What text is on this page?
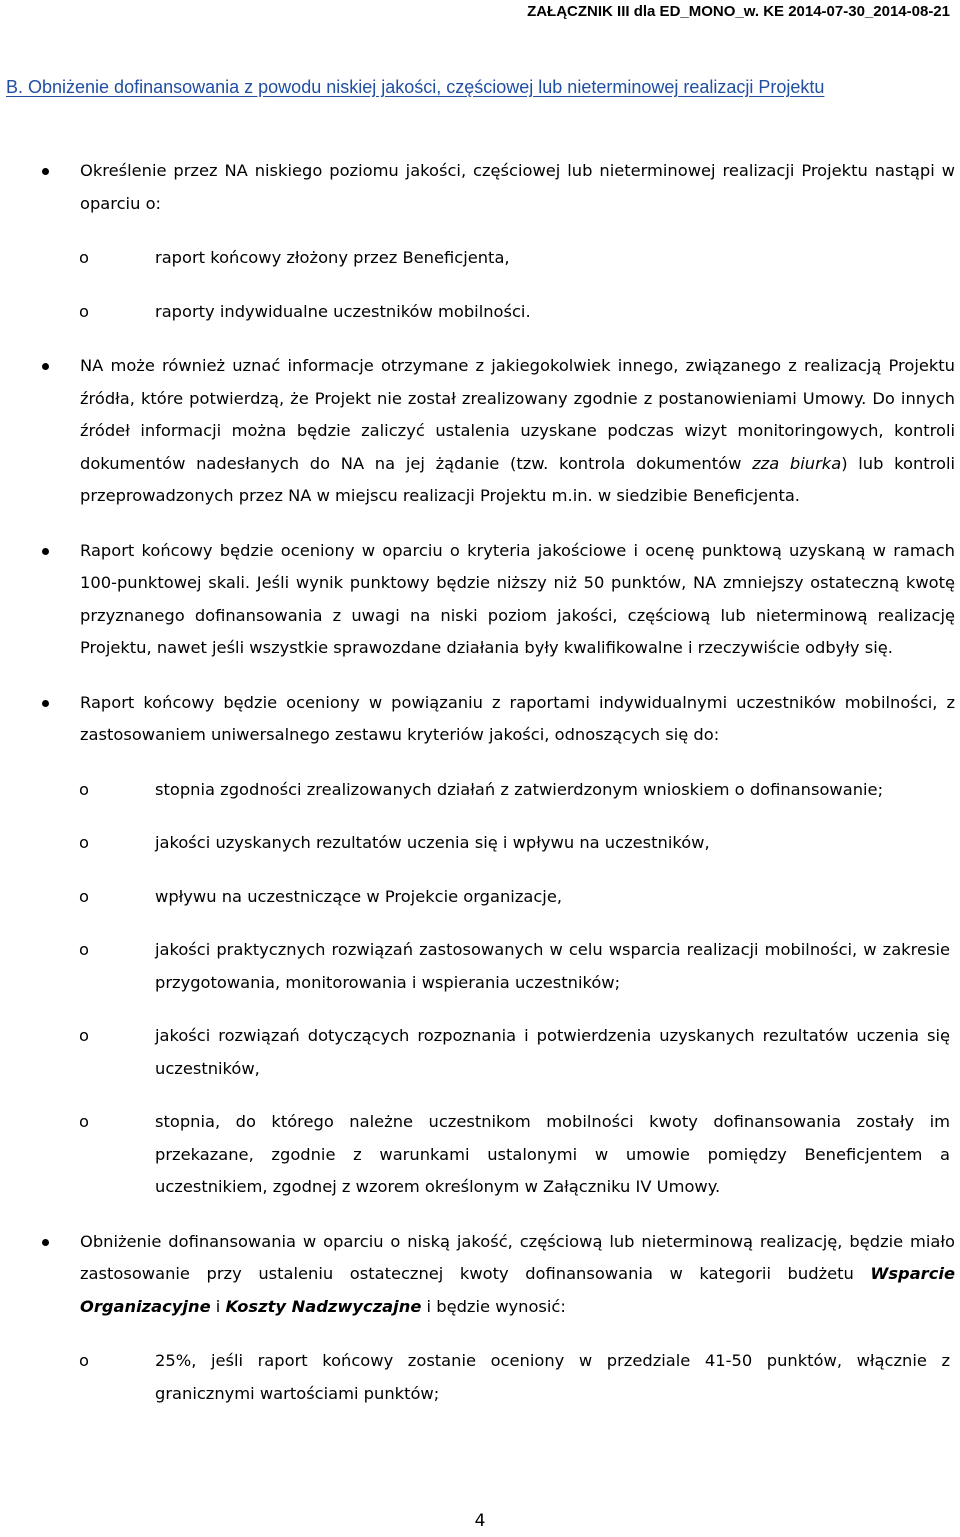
ZAŁĄCZNIK III dla ED_MONO_w. KE 2014-07-30_2014-08-21
B. Obniżenie dofinansowania z powodu niskiej jakości, częściowej lub nieterminowej realizacji Projektu
Określenie przez NA niskiego poziomu jakości, częściowej lub nieterminowej realizacji Projektu nastąpi w oparciu o:
o	raport końcowy złożony przez Beneficjenta,
o	raporty indywidualne uczestników mobilności.
NA może również uznać informacje otrzymane z jakiegokolwiek innego, związanego z realizacją Projektu źródła, które potwierdzą, że Projekt nie został zrealizowany zgodnie z postanowieniami Umowy. Do innych źródeł informacji można będzie zaliczyć ustalenia uzyskane podczas wizyt monitoringowych, kontroli dokumentów nadesłanych do NA na jej żądanie (tzw. kontrola dokumentów zza biurka) lub kontroli przeprowadzonych przez NA w miejscu realizacji Projektu m.in. w siedzibie Beneficjenta.
Raport końcowy będzie oceniony w oparciu o kryteria jakościowe i ocenę punktową uzyskaną w ramach 100-punktowej skali. Jeśli wynik punktowy będzie niższy niż 50 punktów, NA zmniejszy ostateczną kwotę przyznanego dofinansowania z uwagi na niski poziom jakości, częściową lub nieterminową realizację Projektu, nawet jeśli wszystkie sprawozdane działania były kwalifikowalne i rzeczywiście odbyły się.
Raport końcowy będzie oceniony w powiązaniu z raportami indywidualnymi uczestników mobilności, z zastosowaniem uniwersalnego zestawu kryteriów jakości, odnoszących się do:
o	stopnia zgodności zrealizowanych działań z zatwierdzonym wnioskiem o dofinansowanie;
o	jakości uzyskanych rezultatów uczenia się i wpływu na uczestników,
o	wpływu na uczestniczące w Projekcie organizacje,
o	jakości praktycznych rozwiązań zastosowanych w celu wsparcia realizacji mobilności, w zakresie przygotowania, monitorowania i wspierania uczestników;
o	jakości rozwiązań dotyczących rozpoznania i potwierdzenia uzyskanych rezultatów uczenia się uczestników,
o	stopnia, do którego należne uczestnikom mobilności kwoty dofinansowania zostały im przekazane, zgodnie z warunkami ustalonymi w umowie pomiędzy Beneficjentem a uczestnikiem, zgodnej z wzorem określonym w Załączniku IV Umowy.
Obniżenie dofinansowania w oparciu o niską jakość, częściową lub nieterminową realizację, będzie miało zastosowanie przy ustaleniu ostatecznej kwoty dofinansowania w kategorii budżetu Wsparcie Organizacyjne i Koszty Nadzwyczajne i będzie wynosić:
o	25%, jeśli raport końcowy zostanie oceniony w przedziale 41-50 punktów, włącznie z granicznymi wartościami punktów;
4
